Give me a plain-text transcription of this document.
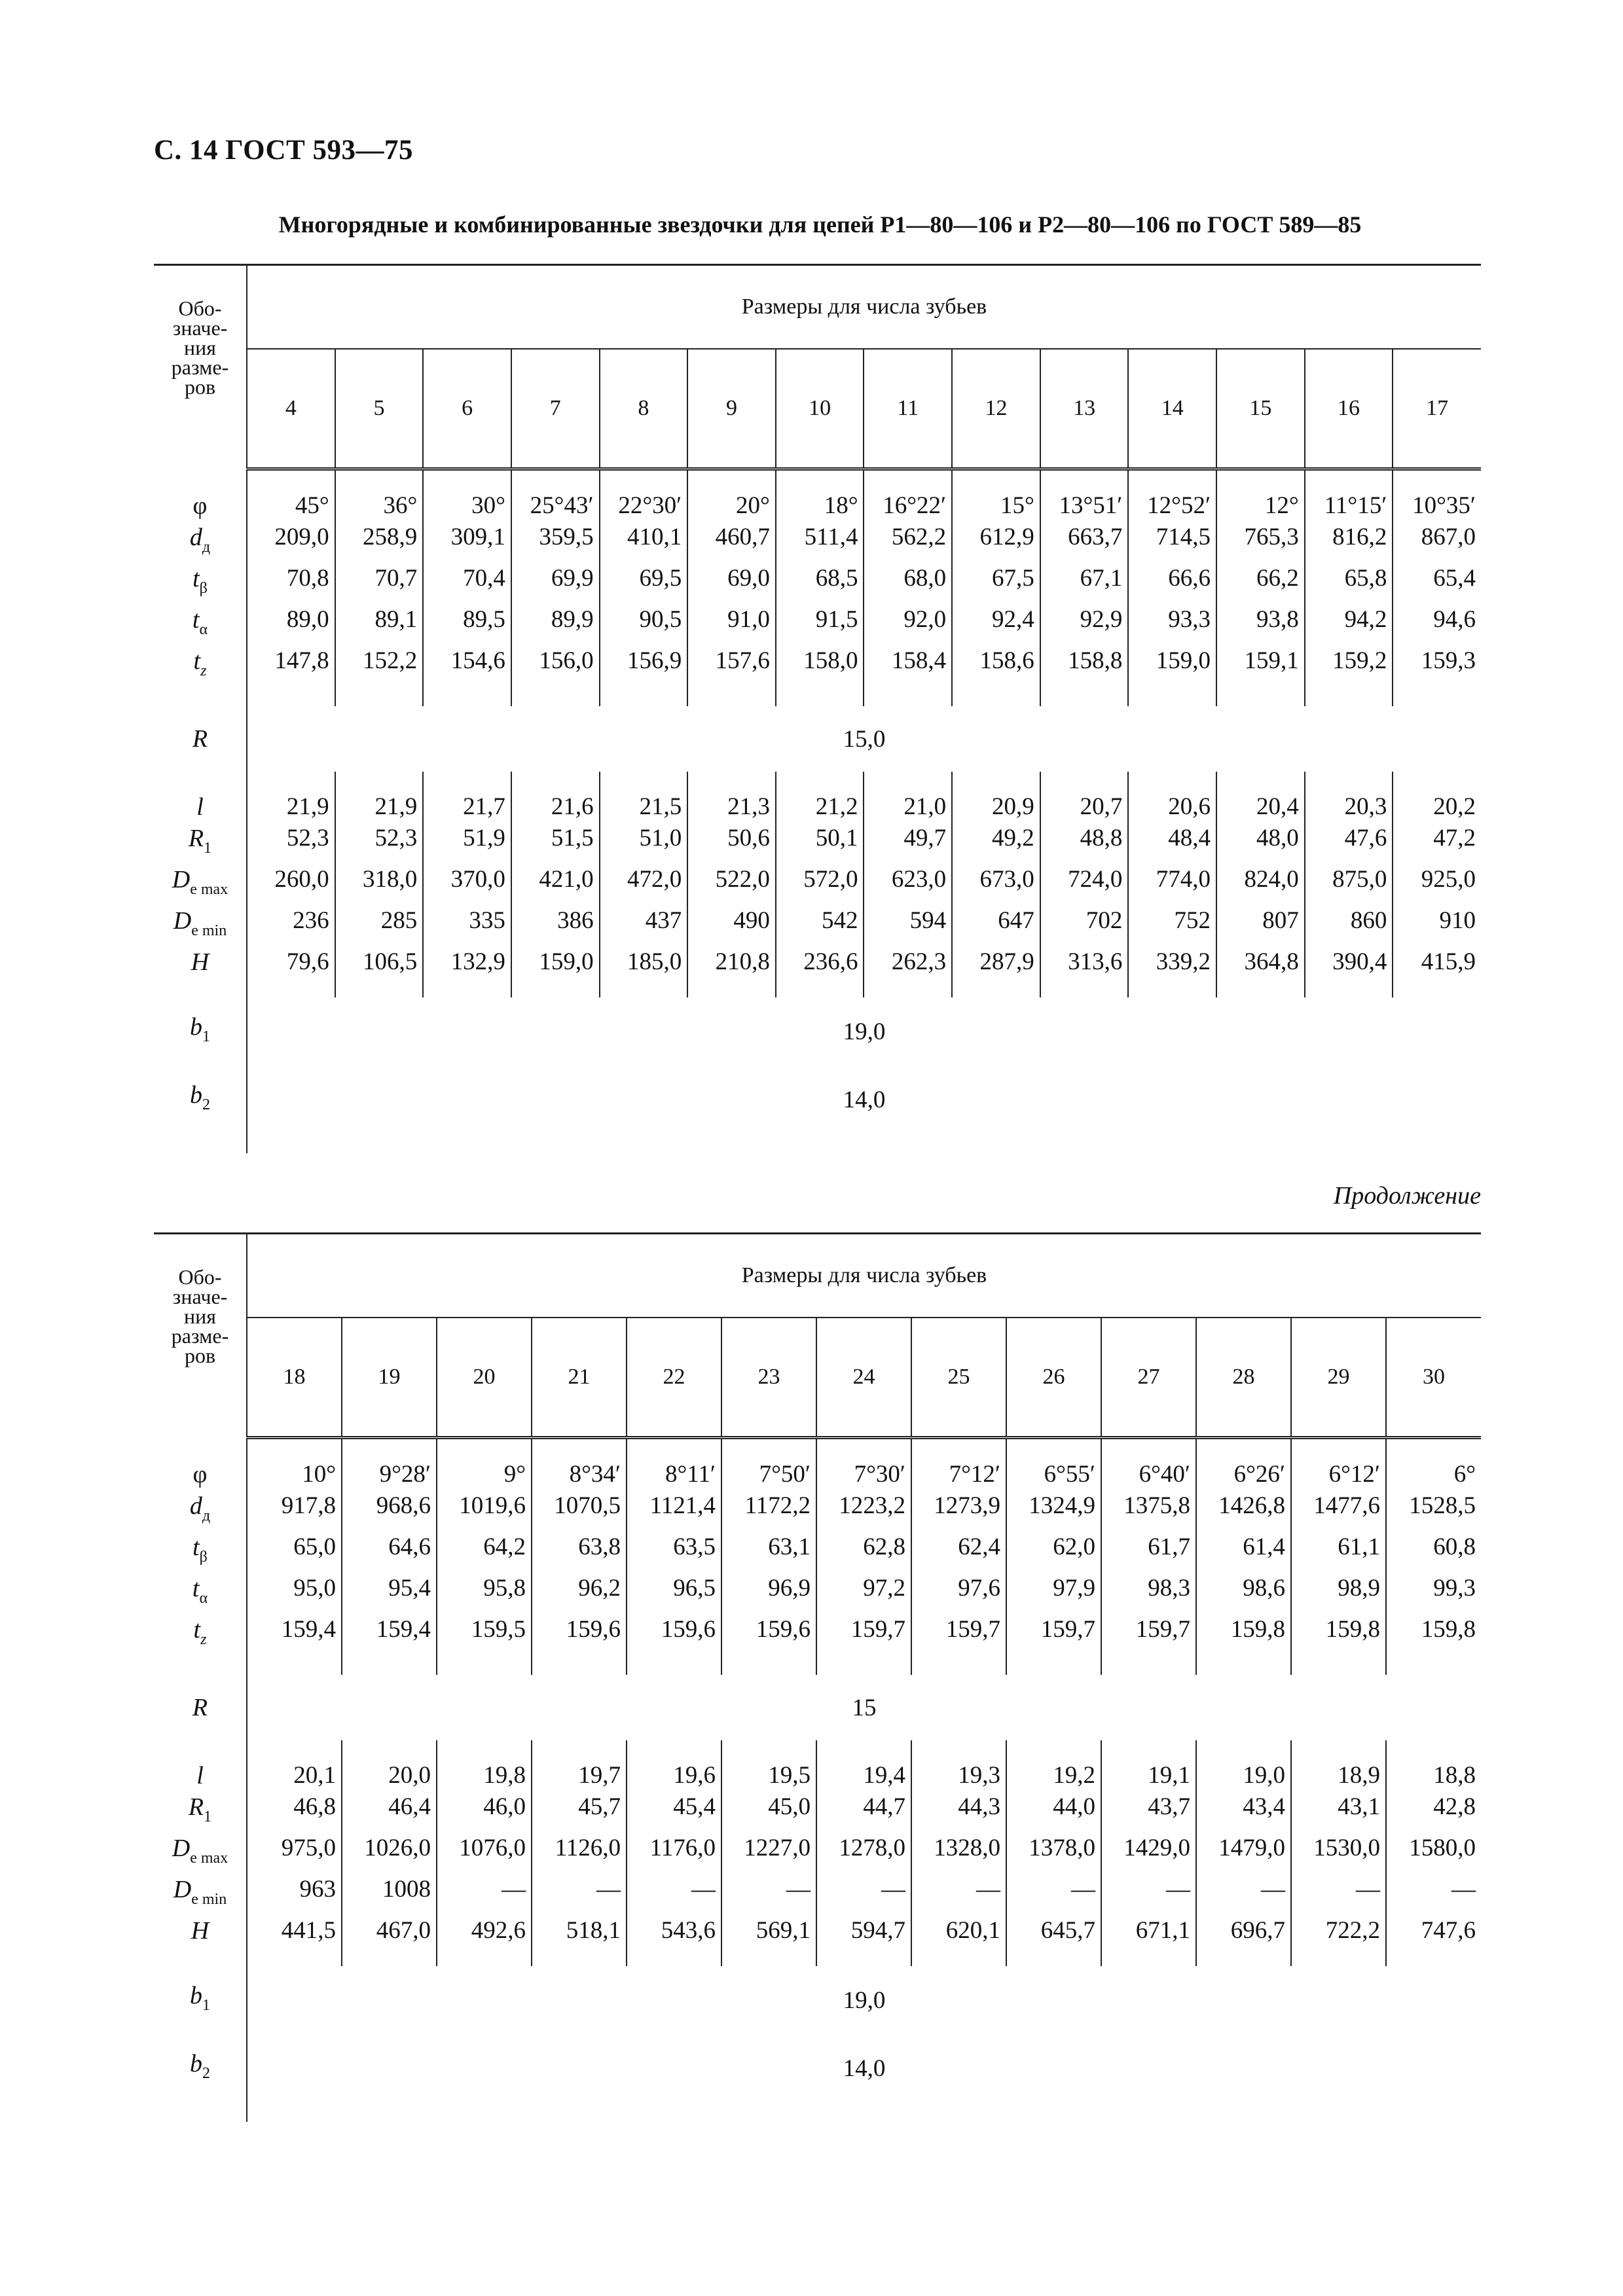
С. 14 ГОСТ 593—75
Многорядные и комбинированные звездочки для цепей Р1—80—106 и Р2—80—106 по ГОСТ 589—85
Обо-
значе-
ния
разме-
ров	Размеры для числа зубьев													
	4	5	6	7	8	9	10	11	12	13	14	15	16	17

φ	45°	36°	30°	25°43′	22°30′	20°	18°	16°22′	15°	13°51′	12°52′	12°	11°15′	10°35′
$d_д$	209,0	258,9	309,1	359,5	410,1	460,7	511,4	562,2	612,9	663,7	714,5	765,3	816,2	867,0
$t_\beta$	70,8	70,7	70,4	69,9	69,5	69,0	68,5	68,0	67,5	67,1	66,6	66,2	65,8	65,4
$t_\alpha$	89,0	89,1	89,5	89,9	90,5	91,0	91,5	92,0	92,4	92,9	93,3	93,8	94,2	94,6
$t_z$	147,8	152,2	154,6	156,0	156,9	157,6	158,0	158,4	158,6	158,8	159,0	159,1	159,2	159,3

R	15,0													

l	21,9	21,9	21,7	21,6	21,5	21,3	21,2	21,0	20,9	20,7	20,6	20,4	20,3	20,2
$R_1$	52,3	52,3	51,9	51,5	51,0	50,6	50,1	49,7	49,2	48,8	48,4	48,0	47,6	47,2
$D_{e max}$	260,0	318,0	370,0	421,0	472,0	522,0	572,0	623,0	673,0	724,0	774,0	824,0	875,0	925,0
$D_{e min}$	236	285	335	386	437	490	542	594	647	702	752	807	860	910
H	79,6	106,5	132,9	159,0	185,0	210,8	236,6	262,3	287,9	313,6	339,2	364,8	390,4	415,9

$b_1$	19,0													
$b_2$	14,0													

Продолжение
Обо-
значе-
ния
разме-
ров	Размеры для числа зубьев												
	18	19	20	21	22	23	24	25	26	27	28	29	30

φ	10°	9°28′	9°	8°34′	8°11′	7°50′	7°30′	7°12′	6°55′	6°40′	6°26′	6°12′	6°
$d_д$	917,8	968,6	1019,6	1070,5	1121,4	1172,2	1223,2	1273,9	1324,9	1375,8	1426,8	1477,6	1528,5
$t_\beta$	65,0	64,6	64,2	63,8	63,5	63,1	62,8	62,4	62,0	61,7	61,4	61,1	60,8
$t_\alpha$	95,0	95,4	95,8	96,2	96,5	96,9	97,2	97,6	97,9	98,3	98,6	98,9	99,3
$t_z$	159,4	159,4	159,5	159,6	159,6	159,6	159,7	159,7	159,7	159,7	159,8	159,8	159,8

R	15												

l	20,1	20,0	19,8	19,7	19,6	19,5	19,4	19,3	19,2	19,1	19,0	18,9	18,8
$R_1$	46,8	46,4	46,0	45,7	45,4	45,0	44,7	44,3	44,0	43,7	43,4	43,1	42,8
$D_{e max}$	975,0	1026,0	1076,0	1126,0	1176,0	1227,0	1278,0	1328,0	1378,0	1429,0	1479,0	1530,0	1580,0
$D_{e min}$	963	1008	—	—	—	—	—	—	—	—	—	—	—
H	441,5	467,0	492,6	518,1	543,6	569,1	594,7	620,1	645,7	671,1	696,7	722,2	747,6

$b_1$	19,0												
$b_2$	14,0												
